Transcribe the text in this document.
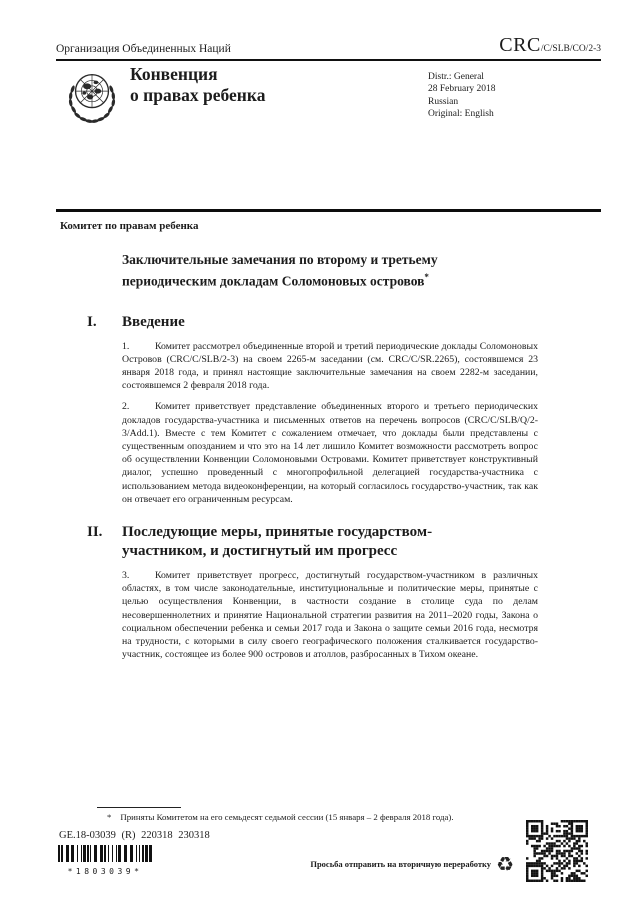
Организация Объединенных Наций	CRC/C/SLB/CO/2-3
Конвенция
о правах ребенка
Distr.: General
28 February 2018
Russian
Original: English
Комитет по правам ребенка
Заключительные замечания по второму и третьему периодическим докладам Соломоновых островов*
I. Введение
1.	Комитет рассмотрел объединенные второй и третий периодические доклады Соломоновых Островов (CRC/C/SLB/2-3) на своем 2265-м заседании (см. CRC/C/SR.2265), состоявшемся 23 января 2018 года, и принял настоящие заключительные замечания на своем 2282-м заседании, состоявшемся 2 февраля 2018 года.
2.	Комитет приветствует представление объединенных второго и третьего периодических докладов государства-участника и письменных ответов на перечень вопросов (CRC/C/SLB/Q/2-3/Add.1). Вместе с тем Комитет с сожалением отмечает, что доклады были представлены с существенным опозданием и что это на 14 лет лишило Комитет возможности рассмотреть вопрос об осуществлении Конвенции Соломоновыми Островами. Комитет приветствует конструктивный диалог, успешно проведенный с многопрофильной делегацией государства-участника с использованием метода видеоконференции, на который согласилось государство-участник, так как он отвечает его ограниченным ресурсам.
II. Последующие меры, принятые государством-участником, и достигнутый им прогресс
3.	Комитет приветствует прогресс, достигнутый государством-участником в различных областях, в том числе законодательные, институциональные и политические меры, принятые с целью осуществления Конвенции, в частности создание в столице суда по делам несовершеннолетних и принятие Национальной стратегии развития на 2011–2020 годы, Закона о социальном обеспечении ребенка и семьи 2017 года и Закона о защите семьи 2016 года, несмотря на трудности, с которыми в силу своего географического положения сталкивается государство-участник, состоящее из более 900 островов и атоллов, разбросанных в Тихом океане.
* Приняты Комитетом на его семьдесят седьмой сессии (15 января – 2 февраля 2018 года).
GE.18-03039 (R) 220318 230318
*1803039*
Просьба отправить на вторичную переработку ♻
